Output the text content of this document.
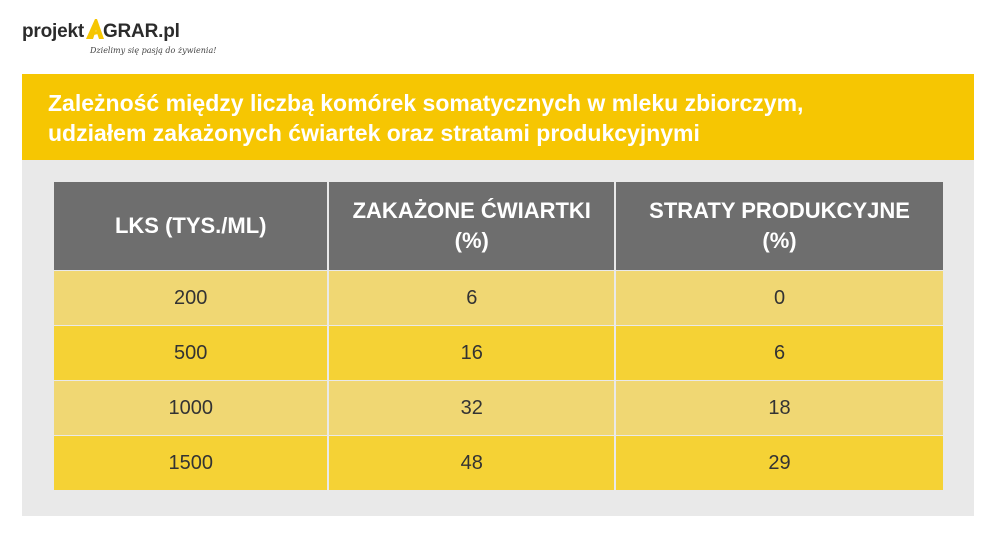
projekt GRAR.pl
Dzielimy się pasją do żywienia!
Zależność między liczbą komórek somatycznych w mleku zbiorczym,
udziałem zakażonych ćwiartek oraz stratami produkcyjnymi
LKS (TYS./ML)	ZAKAŻONE ĆWIARTKI (%)	STRATY PRODUKCYJNE (%)
200	6	0
500	16	6
1000	32	18
1500	48	29
